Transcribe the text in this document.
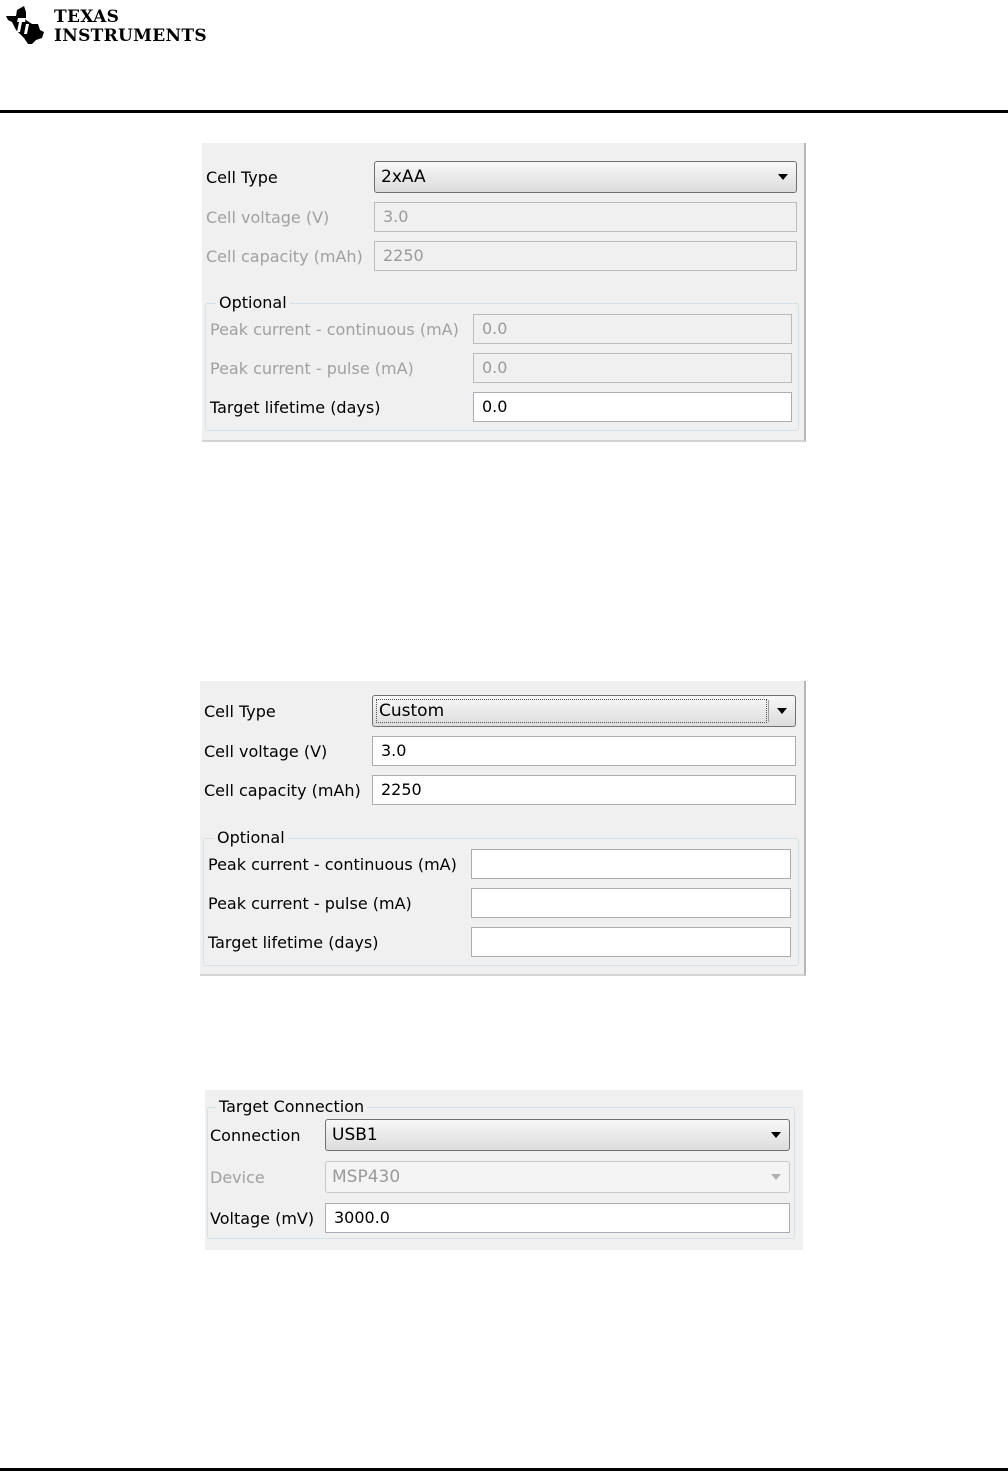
TEXAS
INSTRUMENTS
Cell Type	2xAA
Cell voltage (V)	3.0
Cell capacity (mAh)	2250
Optional
Peak current - continuous (mA)	0.0
Peak current - pulse (mA)	0.0
Target lifetime (days)	0.0
Cell Type	Custom
Cell voltage (V)	3.0
Cell capacity (mAh)	2250
Optional
Peak current - continuous (mA)
Peak current - pulse (mA)
Target lifetime (days)
Target Connection
Connection	USB1
Device	MSP430
Voltage (mV)	3000.0
